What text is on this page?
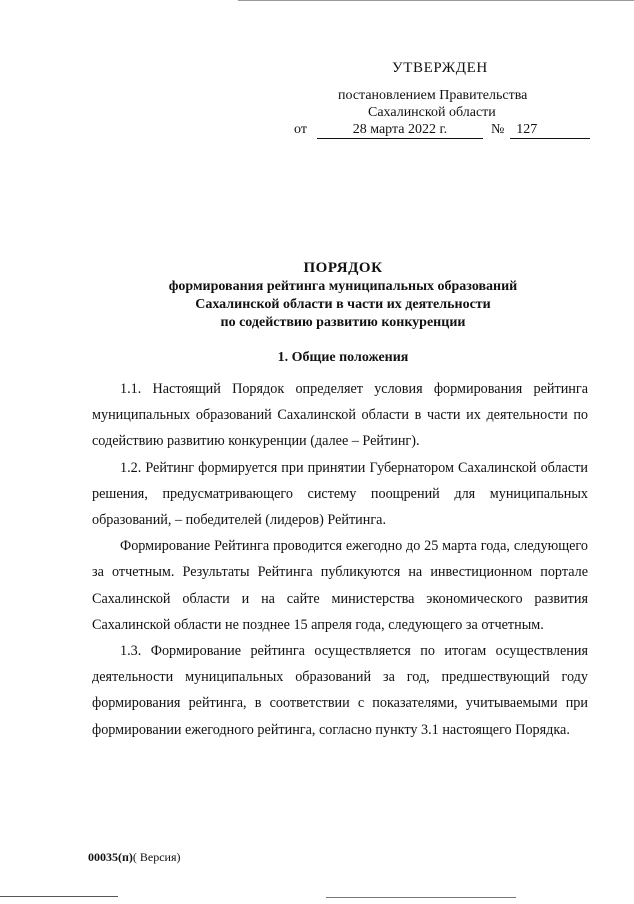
УТВЕРЖДЕН
постановлением Правительства
Сахалинской области
от	28 марта 2022 г.	№ 127
ПОРЯДОК
формирования рейтинга муниципальных образований
Сахалинской области в части их деятельности
по содействию развитию конкуренции
1. Общие положения

1.1. Настоящий Порядок определяет условия формирования рейтинга муниципальных образований Сахалинской области в части их деятельности по содействию развитию конкуренции (далее – Рейтинг).

1.2. Рейтинг формируется при принятии Губернатором Сахалинской области решения, предусматривающего систему поощрений для муниципальных образований, – победителей (лидеров) Рейтинга.

Формирование Рейтинга проводится ежегодно до 25 марта года, следующего за отчетным. Результаты Рейтинга публикуются на инвестиционном портале Сахалинской области и на сайте министерства экономического развития Сахалинской области не позднее 15 апреля года, следующего за отчетным.

1.3. Формирование рейтинга осуществляется по итогам осуществления деятельности муниципальных образований за год, предшествующий году формирования рейтинга, в соответствии с показателями, учитываемыми при формировании ежегодного рейтинга, согласно пункту 3.1 настоящего Порядка.

00035(п)( Версия)
